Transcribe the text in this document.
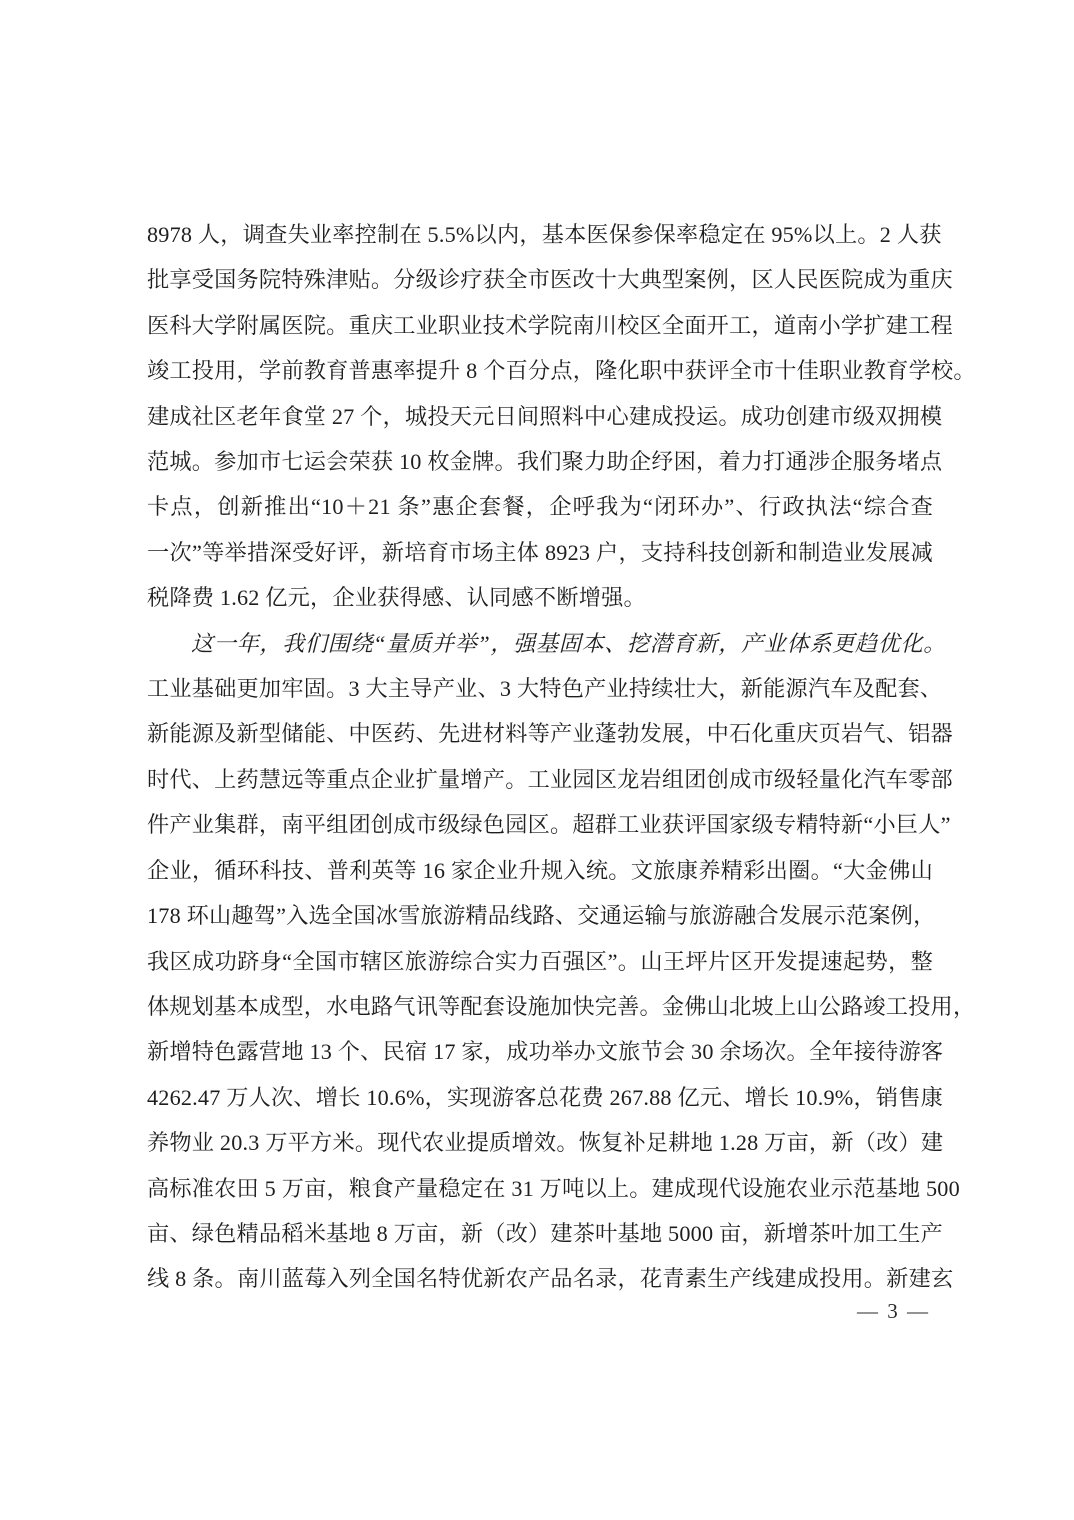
8978 人，调查失业率控制在 5.5%以内，基本医保参保率稳定在 95%以上。2 人获
批享受国务院特殊津贴。分级诊疗获全市医改十大典型案例，区人民医院成为重庆
医科大学附属医院。重庆工业职业技术学院南川校区全面开工，道南小学扩建工程
竣工投用，学前教育普惠率提升 8 个百分点，隆化职中获评全市十佳职业教育学校。
建成社区老年食堂 27 个，城投天元日间照料中心建成投运。成功创建市级双拥模
范城。参加市七运会荣获 10 枚金牌。我们聚力助企纾困，着力打通涉企服务堵点
卡点，创新推出“10＋21 条”惠企套餐，企呼我为“闭环办”、行政执法“综合查
一次”等举措深受好评，新培育市场主体 8923 户，支持科技创新和制造业发展减
税降费 1.62 亿元，企业获得感、认同感不断增强。
这一年，我们围绕“量质并举”，强基固本、挖潜育新，产业体系更趋优化。
工业基础更加牢固。3 大主导产业、3 大特色产业持续壮大，新能源汽车及配套、
新能源及新型储能、中医药、先进材料等产业蓬勃发展，中石化重庆页岩气、铝器
时代、上药慧远等重点企业扩量增产。工业园区龙岩组团创成市级轻量化汽车零部
件产业集群，南平组团创成市级绿色园区。超群工业获评国家级专精特新“小巨人”
企业，循环科技、普利英等 16 家企业升规入统。文旅康养精彩出圈。“大金佛山
178 环山趣驾”入选全国冰雪旅游精品线路、交通运输与旅游融合发展示范案例，
我区成功跻身“全国市辖区旅游综合实力百强区”。山王坪片区开发提速起势，整
体规划基本成型，水电路气讯等配套设施加快完善。金佛山北坡上山公路竣工投用，
新增特色露营地 13 个、民宿 17 家，成功举办文旅节会 30 余场次。全年接待游客
4262.47 万人次、增长 10.6%，实现游客总花费 267.88 亿元、增长 10.9%，销售康
养物业 20.3 万平方米。现代农业提质增效。恢复补足耕地 1.28 万亩，新（改）建
高标准农田 5 万亩，粮食产量稳定在 31 万吨以上。建成现代设施农业示范基地 500
亩、绿色精品稻米基地 8 万亩，新（改）建茶叶基地 5000 亩，新增茶叶加工生产
线 8 条。南川蓝莓入列全国名特优新农产品名录，花青素生产线建成投用。新建玄
— 3 —
